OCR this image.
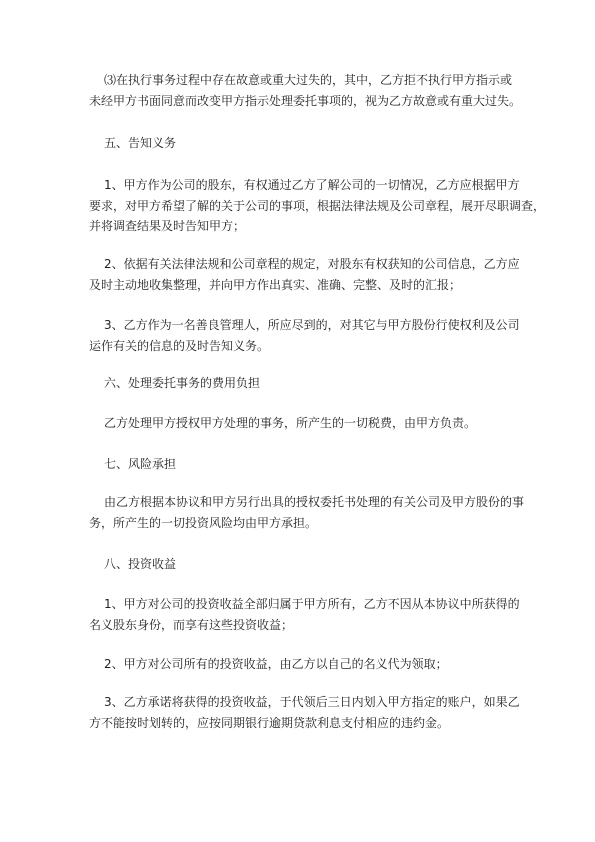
⑶在执行事务过程中存在故意或重大过失的，其中，乙方拒不执行甲方指示或
未经甲方书面同意而改变甲方指示处理委托事项的，视为乙方故意或有重大过失。

五、告知义务

1、甲方作为公司的股东，有权通过乙方了解公司的一切情况，乙方应根据甲方
要求，对甲方希望了解的关于公司的事项，根据法律法规及公司章程，展开尽职调查，
并将调查结果及时告知甲方；

2、依据有关法律法规和公司章程的规定，对股东有权获知的公司信息，乙方应
及时主动地收集整理，并向甲方作出真实、准确、完整、及时的汇报；

3、乙方作为一名善良管理人，所应尽到的，对其它与甲方股份行使权利及公司
运作有关的信息的及时告知义务。

六、处理委托事务的费用负担

乙方处理甲方授权甲方处理的事务，所产生的一切税费，由甲方负责。

七、风险承担

由乙方根据本协议和甲方另行出具的授权委托书处理的有关公司及甲方股份的事
务，所产生的一切投资风险均由甲方承担。

八、投资收益

1、甲方对公司的投资收益全部归属于甲方所有，乙方不因从本协议中所获得的
名义股东身份，而享有这些投资收益；

2、甲方对公司所有的投资收益，由乙方以自己的名义代为领取；

3、乙方承诺将获得的投资收益，于代领后三日内划入甲方指定的账户，如果乙
方不能按时划转的，应按同期银行逾期贷款利息支付相应的违约金。
